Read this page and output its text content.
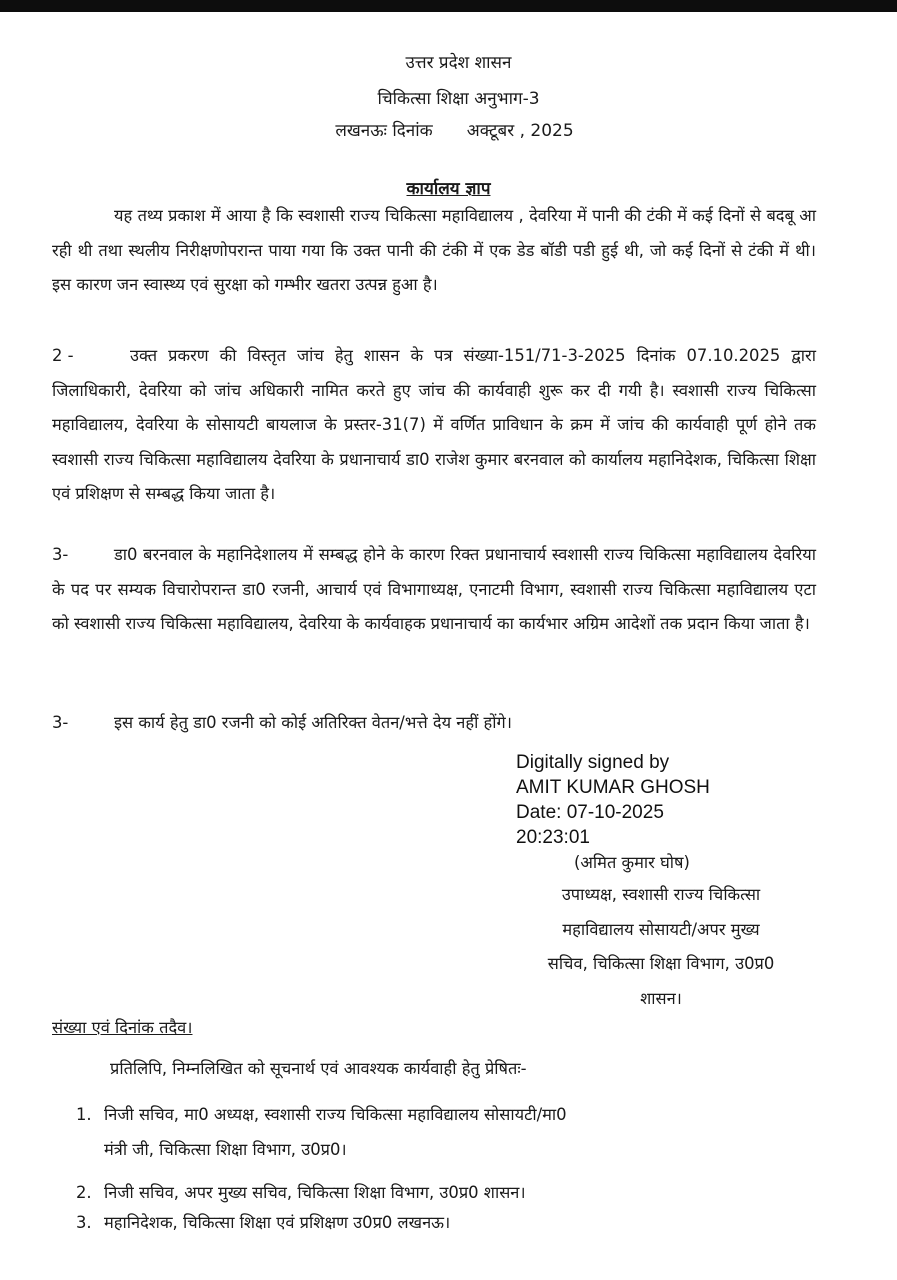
उत्तर प्रदेश शासन
चिकित्सा शिक्षा अनुभाग-3
लखनऊः दिनांक अक्टूबर , 2025
कार्यालय ज्ञाप
यह तथ्य प्रकाश में आया है कि स्वशासी राज्य चिकित्सा महाविद्यालय , देवरिया में पानी की टंकी में कई दिनों से बदबू आ रही थी तथा स्थलीय निरीक्षणोपरान्त पाया गया कि उक्त पानी की टंकी में एक डेड बॉडी पडी हुई थी, जो कई दिनों से टंकी में थी। इस कारण जन स्वास्थ्य एवं सुरक्षा को गम्भीर खतरा उत्पन्न हुआ है।
2 -	उक्त प्रकरण की विस्तृत जांच हेतु शासन के पत्र संख्या-151/71-3-2025 दिनांक 07.10.2025 द्वारा जिलाधिकारी, देवरिया को जांच अधिकारी नामित करते हुए जांच की कार्यवाही शुरू कर दी गयी है। स्वशासी राज्य चिकित्सा महाविद्यालय, देवरिया के सोसायटी बायलाज के प्रस्तर-31(7) में वर्णित प्राविधान के क्रम में जांच की कार्यवाही पूर्ण होने तक स्वशासी राज्य चिकित्सा महाविद्यालय देवरिया के प्रधानाचार्य डा0 राजेश कुमार बरनवाल को कार्यालय महानिदेशक, चिकित्सा शिक्षा एवं प्रशिक्षण से सम्बद्ध किया जाता है।
3-	डा0 बरनवाल के महानिदेशालय में सम्बद्ध होने के कारण रिक्त प्रधानाचार्य स्वशासी राज्य चिकित्सा महाविद्यालय देवरिया के पद पर सम्यक विचारोपरान्त डा0 रजनी, आचार्य एवं विभागाध्यक्ष, एनाटमी विभाग, स्वशासी राज्य चिकित्सा महाविद्यालय एटा को स्वशासी राज्य चिकित्सा महाविद्यालय, देवरिया के कार्यवाहक प्रधानाचार्य का कार्यभार अग्रिम आदेशों तक प्रदान किया जाता है।
3-	इस कार्य हेतु डा0 रजनी को कोई अतिरिक्त वेतन/भत्ते देय नहीं होंगे।
Digitally signed by
AMIT KUMAR GHOSH
Date: 07-10-2025
20:23:01
(अमित कुमार घोष)
उपाध्यक्ष, स्वशासी राज्य चिकित्सा
महाविद्यालय सोसायटी/अपर मुख्य
सचिव, चिकित्सा शिक्षा विभाग, उ0प्र0
शासन।
संख्या एवं दिनांक तदैव।
प्रतिलिपि, निम्नलिखित को सूचनार्थ एवं आवश्यक कार्यवाही हेतु प्रेषितः-
1. निजी सचिव, मा0 अध्यक्ष, स्वशासी राज्य चिकित्सा महाविद्यालय सोसायटी/मा0
मंत्री जी, चिकित्सा शिक्षा विभाग, उ0प्र0।
2. निजी सचिव, अपर मुख्य सचिव, चिकित्सा शिक्षा विभाग, उ0प्र0 शासन।
3. महानिदेशक, चिकित्सा शिक्षा एवं प्रशिक्षण उ0प्र0 लखनऊ।
